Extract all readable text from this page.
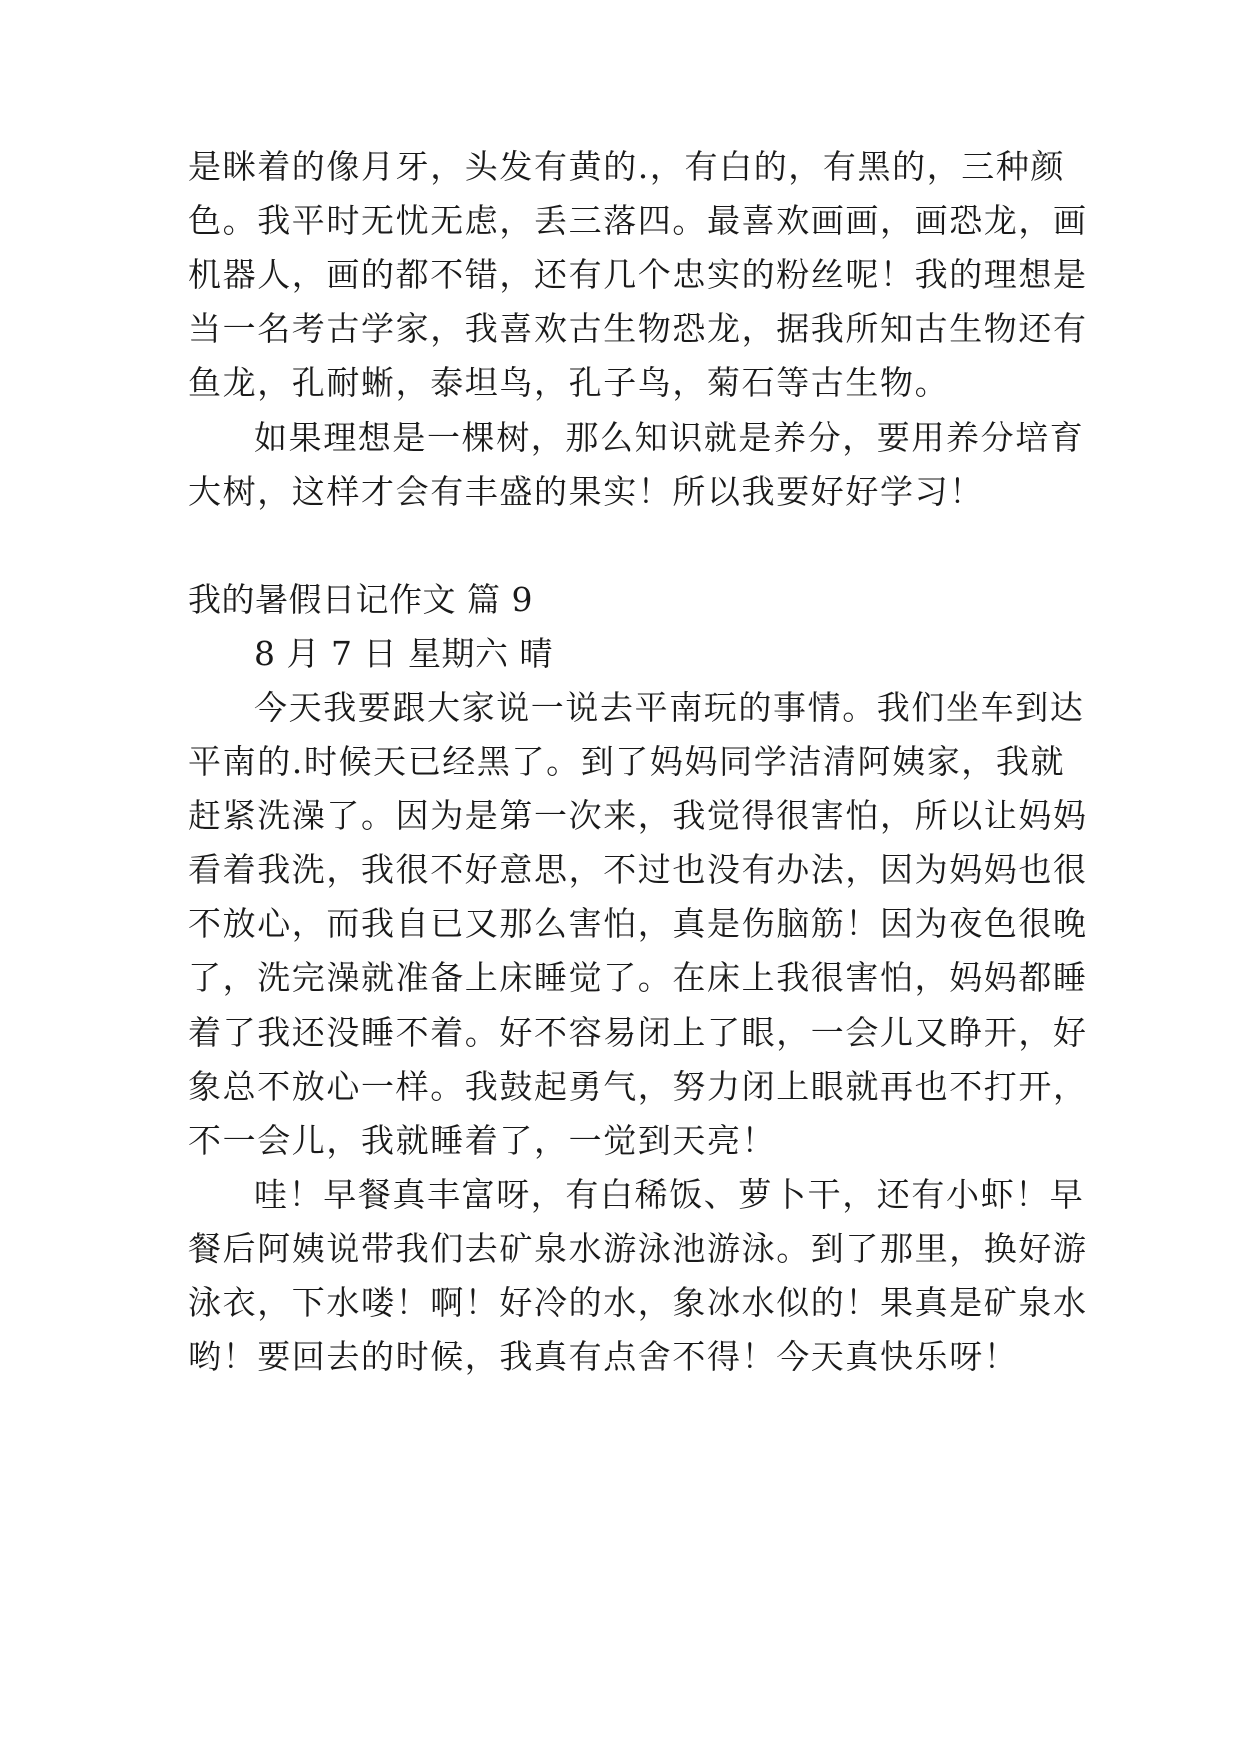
是眯着的像月牙，头发有黄的.，有白的，有黑的，三种颜
色。我平时无忧无虑，丢三落四。最喜欢画画，画恐龙，画
机器人，画的都不错，还有几个忠实的粉丝呢！我的理想是
当一名考古学家，我喜欢古生物恐龙，据我所知古生物还有
鱼龙，孔耐蜥，泰坦鸟，孔子鸟，菊石等古生物。
如果理想是一棵树，那么知识就是养分，要用养分培育
大树，这样才会有丰盛的果实！所以我要好好学习！
我的暑假日记作文 篇 9
8 月 7 日 星期六 晴
今天我要跟大家说一说去平南玩的事情。我们坐车到达
平南的.时候天已经黑了。到了妈妈同学洁清阿姨家，我就
赶紧洗澡了。因为是第一次来，我觉得很害怕，所以让妈妈
看着我洗，我很不好意思，不过也没有办法，因为妈妈也很
不放心，而我自已又那么害怕，真是伤脑筋！因为夜色很晚
了，洗完澡就准备上床睡觉了。在床上我很害怕，妈妈都睡
着了我还没睡不着。好不容易闭上了眼，一会儿又睁开，好
象总不放心一样。我鼓起勇气，努力闭上眼就再也不打开，
不一会儿，我就睡着了，一觉到天亮！
哇！早餐真丰富呀，有白稀饭、萝卜干，还有小虾！早
餐后阿姨说带我们去矿泉水游泳池游泳。到了那里，换好游
泳衣，下水喽！啊！好冷的水，象冰水似的！果真是矿泉水
哟！要回去的时候，我真有点舍不得！今天真快乐呀！
